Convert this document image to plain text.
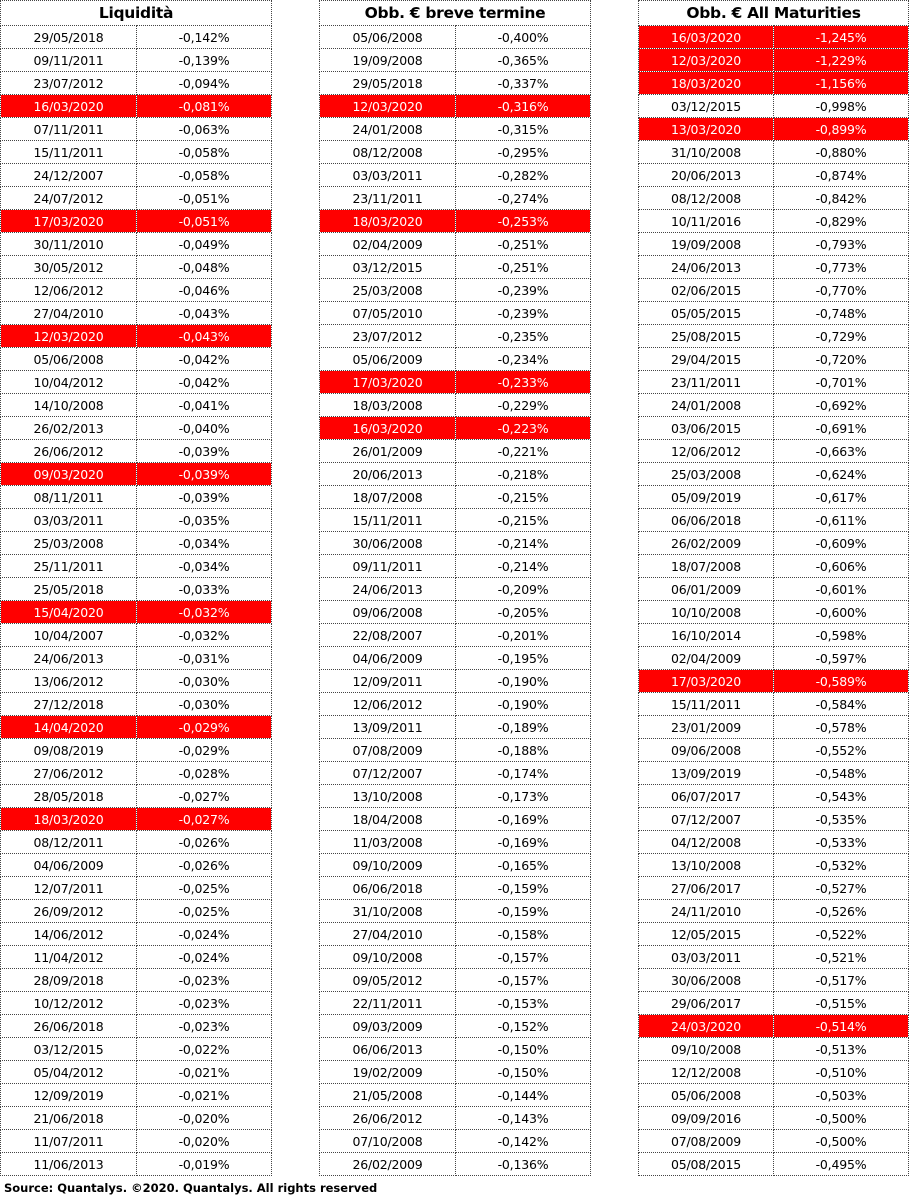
Liquidità	
29/05/2018	-0,142%
09/11/2011	-0,139%
23/07/2012	-0,094%
16/03/2020	-0,081%
07/11/2011	-0,063%
15/11/2011	-0,058%
24/12/2007	-0,058%
24/07/2012	-0,051%
17/03/2020	-0,051%
30/11/2010	-0,049%
30/05/2012	-0,048%
12/06/2012	-0,046%
27/04/2010	-0,043%
12/03/2020	-0,043%
05/06/2008	-0,042%
10/04/2012	-0,042%
14/10/2008	-0,041%
26/02/2013	-0,040%
26/06/2012	-0,039%
09/03/2020	-0,039%
08/11/2011	-0,039%
03/03/2011	-0,035%
25/03/2008	-0,034%
25/11/2011	-0,034%
25/05/2018	-0,033%
15/04/2020	-0,032%
10/04/2007	-0,032%
24/06/2013	-0,031%
13/06/2012	-0,030%
27/12/2018	-0,030%
14/04/2020	-0,029%
09/08/2019	-0,029%
27/06/2012	-0,028%
28/05/2018	-0,027%
18/03/2020	-0,027%
08/12/2011	-0,026%
04/06/2009	-0,026%
12/07/2011	-0,025%
26/09/2012	-0,025%
14/06/2012	-0,024%
11/04/2012	-0,024%
28/09/2018	-0,023%
10/12/2012	-0,023%
26/06/2018	-0,023%
03/12/2015	-0,022%
05/04/2012	-0,021%
12/09/2019	-0,021%
21/06/2018	-0,020%
11/07/2011	-0,020%
11/06/2013	-0,019%
Obb. € breve termine	
05/06/2008	-0,400%
19/09/2008	-0,365%
29/05/2018	-0,337%
12/03/2020	-0,316%
24/01/2008	-0,315%
08/12/2008	-0,295%
03/03/2011	-0,282%
23/11/2011	-0,274%
18/03/2020	-0,253%
02/04/2009	-0,251%
03/12/2015	-0,251%
25/03/2008	-0,239%
07/05/2010	-0,239%
23/07/2012	-0,235%
05/06/2009	-0,234%
17/03/2020	-0,233%
18/03/2008	-0,229%
16/03/2020	-0,223%
26/01/2009	-0,221%
20/06/2013	-0,218%
18/07/2008	-0,215%
15/11/2011	-0,215%
30/06/2008	-0,214%
09/11/2011	-0,214%
24/06/2013	-0,209%
09/06/2008	-0,205%
22/08/2007	-0,201%
04/06/2009	-0,195%
12/09/2011	-0,190%
12/06/2012	-0,190%
13/09/2011	-0,189%
07/08/2009	-0,188%
07/12/2007	-0,174%
13/10/2008	-0,173%
18/04/2008	-0,169%
11/03/2008	-0,169%
09/10/2009	-0,165%
06/06/2018	-0,159%
31/10/2008	-0,159%
27/04/2010	-0,158%
09/10/2008	-0,157%
09/05/2012	-0,157%
22/11/2011	-0,153%
09/03/2009	-0,152%
06/06/2013	-0,150%
19/02/2009	-0,150%
21/05/2008	-0,144%
26/06/2012	-0,143%
07/10/2008	-0,142%
26/02/2009	-0,136%
Obb. € All Maturities	
16/03/2020	-1,245%
12/03/2020	-1,229%
18/03/2020	-1,156%
03/12/2015	-0,998%
13/03/2020	-0,899%
31/10/2008	-0,880%
20/06/2013	-0,874%
08/12/2008	-0,842%
10/11/2016	-0,829%
19/09/2008	-0,793%
24/06/2013	-0,773%
02/06/2015	-0,770%
05/05/2015	-0,748%
25/08/2015	-0,729%
29/04/2015	-0,720%
23/11/2011	-0,701%
24/01/2008	-0,692%
03/06/2015	-0,691%
12/06/2012	-0,663%
25/03/2008	-0,624%
05/09/2019	-0,617%
06/06/2018	-0,611%
26/02/2009	-0,609%
18/07/2008	-0,606%
06/01/2009	-0,601%
10/10/2008	-0,600%
16/10/2014	-0,598%
02/04/2009	-0,597%
17/03/2020	-0,589%
15/11/2011	-0,584%
23/01/2009	-0,578%
09/06/2008	-0,552%
13/09/2019	-0,548%
06/07/2017	-0,543%
07/12/2007	-0,535%
04/12/2008	-0,533%
13/10/2008	-0,532%
27/06/2017	-0,527%
24/11/2010	-0,526%
12/05/2015	-0,522%
03/03/2011	-0,521%
30/06/2008	-0,517%
29/06/2017	-0,515%
24/03/2020	-0,514%
09/10/2008	-0,513%
12/12/2008	-0,510%
05/06/2008	-0,503%
09/09/2016	-0,500%
07/08/2009	-0,500%
05/08/2015	-0,495%
Source: Quantalys. ©2020. Quantalys. All rights reserved
